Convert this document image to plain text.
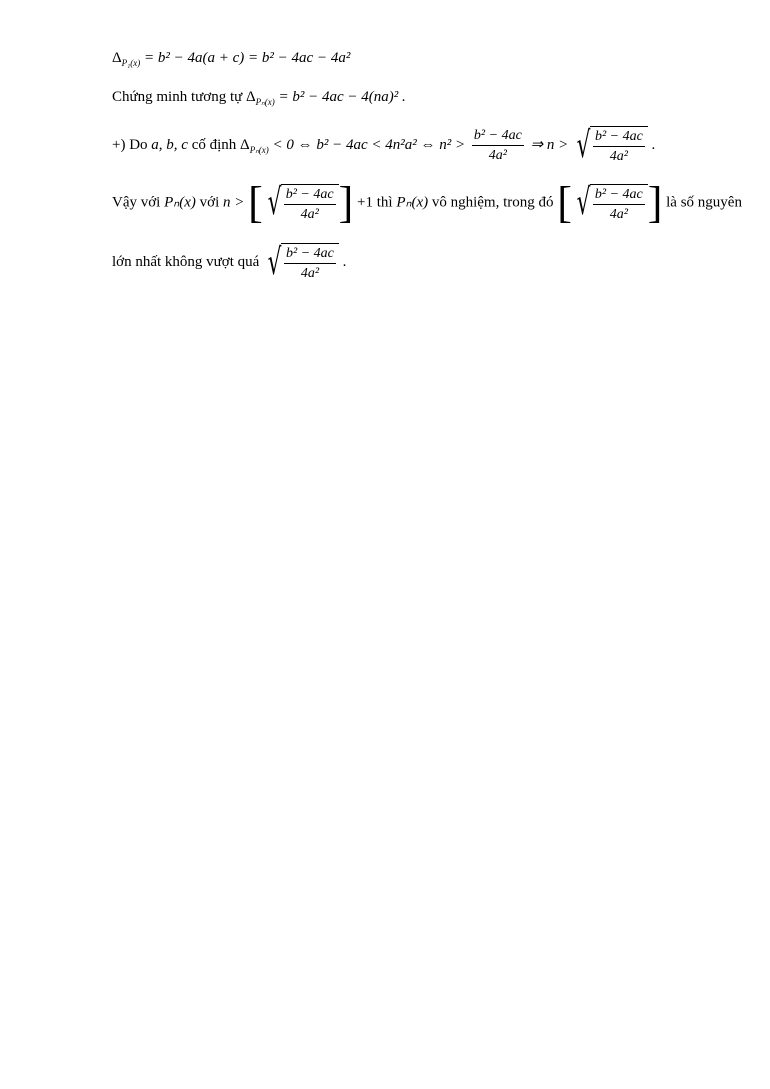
$\Delta_{P_1(x)} = b^2 - 4a(a + c) = b^2 - 4ac - 4a^2$
Chứng minh tương tự $\Delta_{P_n(x)} = b^2 - 4ac - 4(na)^2$ .
+) Do a, b, c cố định $\Delta_{P_n(x)} < 0$ ⇔ b² − 4ac < 4n²a² ⇔ $n^2 > \frac{\text{b² − 4ac}}{\text{4a²}}$ ⇒ n > √ $\frac{\text{b² − 4ac}}{\text{4a²}}$ .
Vậy với Pₙ(x) với n > [ √ $\frac{\text{b² − 4ac}}{\text{4a²}}$ ] +1 thì Pₙ(x) vô nghiệm, trong đó [ √ $\frac{\text{b² − 4ac}}{\text{4a²}}$ ] là số nguyên
lớn nhất không vượt quá √ $\frac{\text{b² − 4ac}}{\text{4a²}}$ .
